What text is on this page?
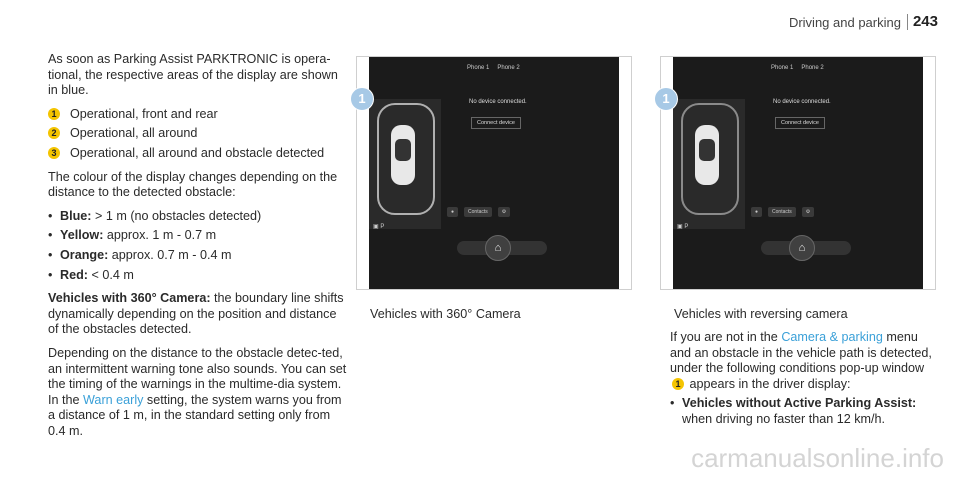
Driving and parking 243

As soon as Parking Assist PARKTRONIC is opera-tional, the respective areas of the display are shown in blue.

1 Operational, front and rear
2 Operational, all around
3 Operational, all around and obstacle detected

The colour of the display changes depending on the distance to the detected obstacle:

• Blue: > 1 m (no obstacles detected)
• Yellow: approx. 1 m - 0.7 m
• Orange: approx. 0.7 m - 0.4 m
• Red: < 0.4 m

Vehicles with 360° Camera: the boundary line shifts dynamically depending on the position and distance of the obstacles detected.

Depending on the distance to the obstacle detec-ted, an intermittent warning tone also sounds. You can set the timing of the warnings in the multime-dia system. In the Warn early setting, the system warns you from a distance of 1 m, in the standard setting only from 0.4 m.

Phone 1 Phone 2
No device connected.
Connect device
●	Contacts	⚙
▣ P
⌂
1
Vehicles with 360° Camera
Phone 1 Phone 2
No device connected.
Connect device
●	Contacts	⚙
▣ P
⌂
1
Vehicles with reversing camera

If you are not in the Camera & parking menu and an obstacle in the vehicle path is detected, under the following conditions pop-up window 1 appears in the driver display:

• Vehicles without Active Parking Assist: when driving no faster than 12 km/h.
carmanualsonline.info
